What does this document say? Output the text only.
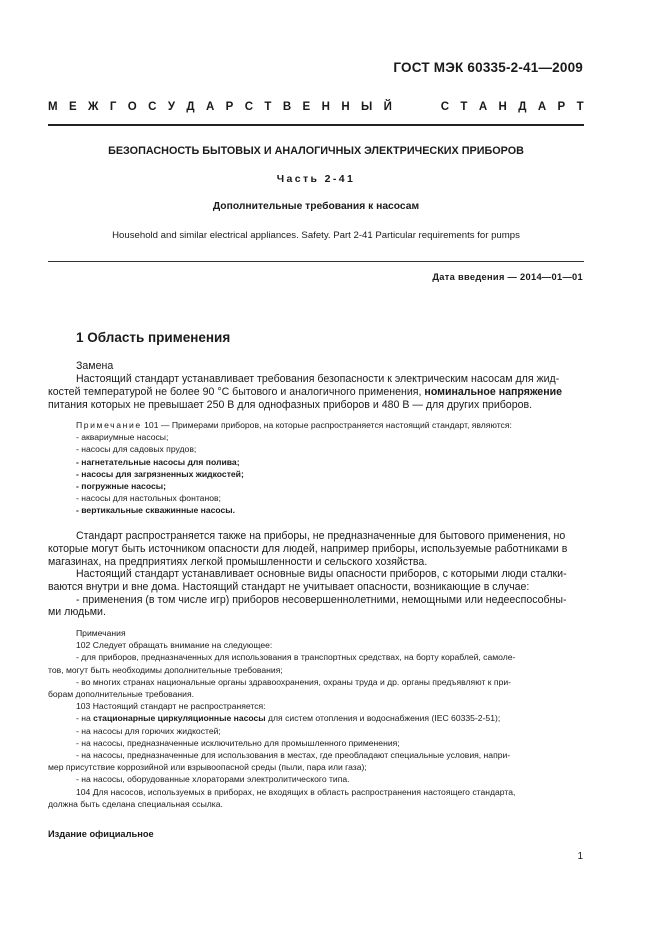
ГОСТ МЭК 60335-2-41—2009
М Е Ж Г О С У Д А Р С Т В Е Н Н Ы Й	С Т А Н Д А Р Т
БЕЗОПАСНОСТЬ БЫТОВЫХ И АНАЛОГИЧНЫХ ЭЛЕКТРИЧЕСКИХ ПРИБОРОВ
Часть 2-41
Дополнительные требования к насосам
Household and similar electrical appliances. Safety. Part 2-41 Particular requirements for pumps
Дата введения — 2014—01—01
1 Область применения
Замена
Настоящий стандарт устанавливает требования безопасности к электрическим насосам для жид-
костей температурой не более 90 °C бытового и аналогичного применения, номинальное напряжение
питания которых не превышает 250 В для однофазных приборов и 480 В — для других приборов.
Примечание 101 — Примерами приборов, на которые распространяется настоящий стандарт, являются:
- аквариумные насосы;
- насосы для садовых прудов;
- нагнетательные насосы для полива;
- насосы для загрязненных жидкостей;
- погружные насосы;
- насосы для настольных фонтанов;
- вертикальные скважинные насосы.
Стандарт распространяется также на приборы, не предназначенные для бытового применения, но
которые могут быть источником опасности для людей, например приборы, используемые работниками в
магазинах, на предприятиях легкой промышленности и сельского хозяйства.
Настоящий стандарт устанавливает основные виды опасности приборов, с которыми люди сталки-
ваются внутри и вне дома. Настоящий стандарт не учитывает опасности, возникающие в случае:
- применения (в том числе игр) приборов несовершеннолетними, немощными или недееспособны-
ми людьми.
Примечания
102 Следует обращать внимание на следующее:
- для приборов, предназначенных для использования в транспортных средствах, на борту кораблей, самоле-
тов, могут быть необходимы дополнительные требования;
- во многих странах национальные органы здравоохранения, охраны труда и др. органы предъявляют к при-
борам дополнительные требования.
103 Настоящий стандарт не распространяется:
- на стационарные циркуляционные насосы для систем отопления и водоснабжения (IEC 60335-2-51);
- на насосы для горючих жидкостей;
- на насосы, предназначенные исключительно для промышленного применения;
- на насосы, предназначенные для использования в местах, где преобладают специальные условия, напри-
мер присутствие коррозийной или взрывоопасной среды (пыли, пара или газа);
- на насосы, оборудованные хлораторами электролитического типа.
104 Для насосов, используемых в приборах, не входящих в область распространения настоящего стандарта,
должна быть сделана специальная ссылка.
Издание официальное
1
